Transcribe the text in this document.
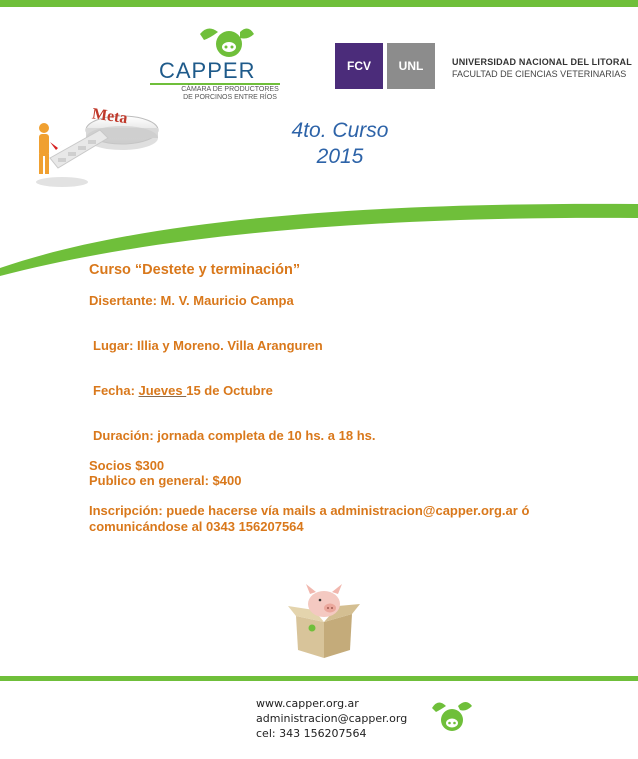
CAPPER
CÁMARA DE PRODUCTORES
DE PORCINOS ENTRE RÍOS
FCV	UNL	UNIVERSIDAD NACIONAL DEL LITORAL
FACULTAD DE CIENCIAS VETERINARIAS
Meta
4to. Curso
2015
Curso “Destete y terminación”
Disertante: M. V. Mauricio Campa
Lugar: Illia y Moreno. Villa Aranguren
Fecha: Jueves 15 de Octubre
Duración: jornada completa de 10 hs. a 18 hs.
Socios $300
Publico en general: $400
Inscripción: puede hacerse vía mails a administracion@capper.org.ar ó comunicándose al 0343 156207564
www.capper.org.ar
administracion@capper.org
cel: 343 156207564
